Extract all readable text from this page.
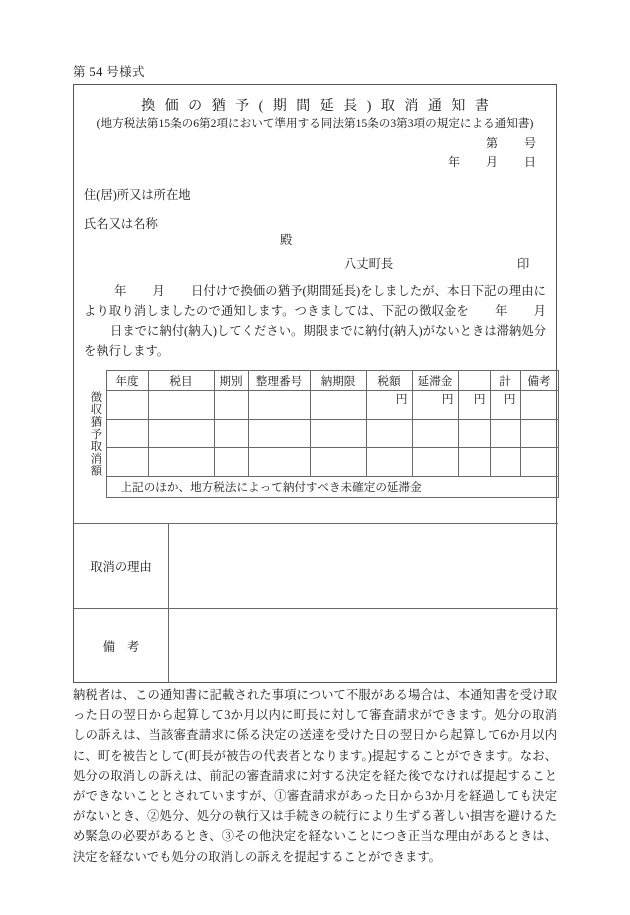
第 54 号様式
換価の猶予(期間延長)取消通知書
(地方税法第15条の6第2項において準用する同法第15条の3第3項の規定による通知書)
第 号
年 月 日
住(居)所又は所在地
氏名又は名称
殿
八丈町長	印
年 月 日付けで換価の猶予(期間延長)をしましたが、本日下記の理由により取り消しましたので通知します。つきましては、下記の徴収金を 年 月日までに納付(納入)してください。期限までに納付(納入)がないときは滞納処分を執行します。
	年度	税目	期別	整理番号	納期限	税額	延滞金		計	備考

徴収猶予取消額						円	円	円	円	

	上記のほか、地方税法によって納付すべき未確定の延滞金									
取消の理由
備考
納税者は、この通知書に記載された事項について不服がある場合は、本通知書を受け取った日の翌日から起算して3か月以内に町長に対して審査請求ができます。処分の取消しの訴えは、当該審査請求に係る決定の送達を受けた日の翌日から起算して6か月以内に、町を被告として(町長が被告の代表者となります。)提起することができます。なお、処分の取消しの訴えは、前記の審査請求に対する決定を経た後でなければ提起することができないこととされていますが、①審査請求があった日から3か月を経過しても決定がないとき、②処分、処分の執行又は手続きの続行により生ずる著しい損害を避けるため緊急の必要があるとき、③その他決定を経ないことにつき正当な理由があるときは、決定を経ないでも処分の取消しの訴えを提起することができます。
